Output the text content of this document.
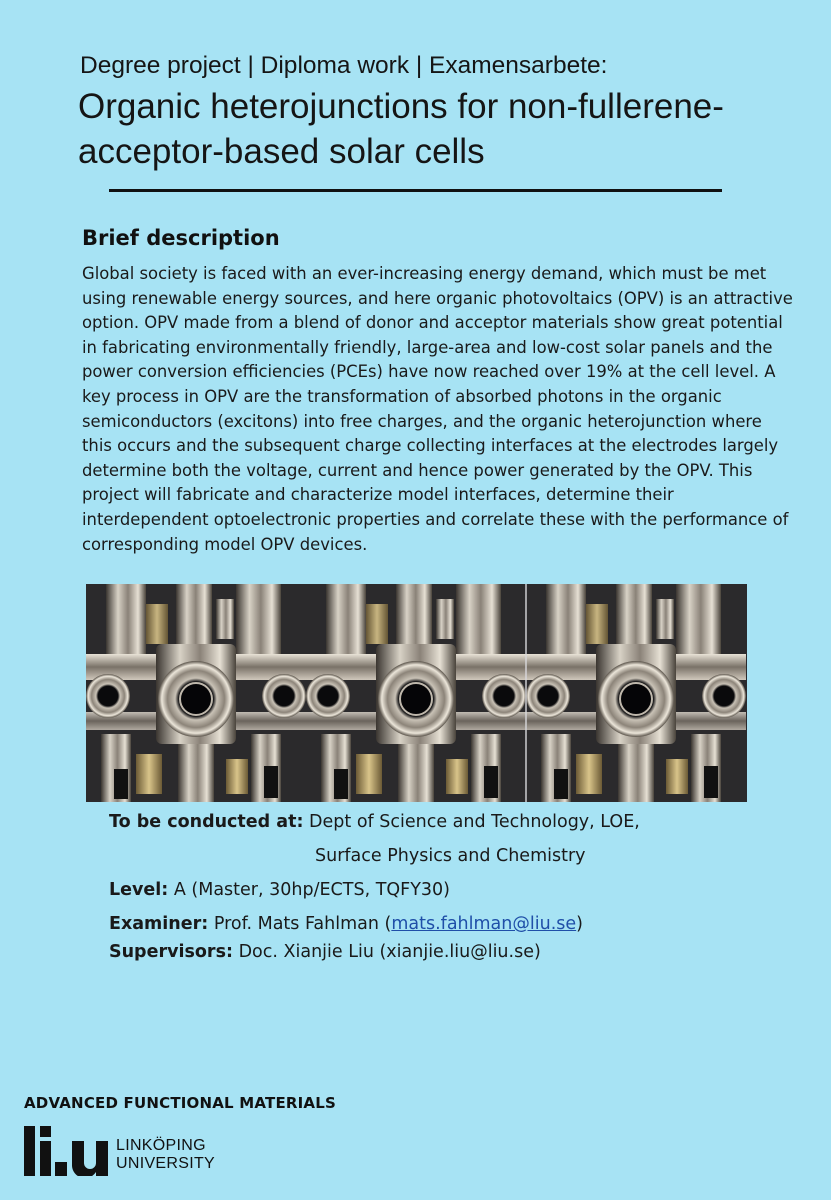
Degree project | Diploma work | Examensarbete:
Organic heterojunctions for non-fullerene-acceptor-based solar cells
Brief description

Global society is faced with an ever-increasing energy demand, which must be met using renewable energy sources, and here organic photovoltaics (OPV) is an attractive option. OPV made from a blend of donor and acceptor materials show great potential in fabricating environmentally friendly, large-area and low-cost solar panels and the power conversion efficiencies (PCEs) have now reached over 19% at the cell level. A key process in OPV are the transformation of absorbed photons in the organic semiconductors (excitons) into free charges, and the organic heterojunction where this occurs and the subsequent charge collecting interfaces at the electrodes largely determine both the voltage, current and hence power generated by the OPV. This project will fabricate and characterize model interfaces, determine their interdependent optoelectronic properties and correlate these with the performance of corresponding model OPV devices.

To be conducted at: Dept of Science and Technology, LOE,
Surface Physics and Chemistry
Level: A (Master, 30hp/ECTS, TQFY30)
Examiner: Prof. Mats Fahlman (mats.fahlman@liu.se)
Supervisors: Doc. Xianjie Liu (xianjie.liu@liu.se)
ADVANCED FUNCTIONAL MATERIALS
LINKÖPING
UNIVERSITY
